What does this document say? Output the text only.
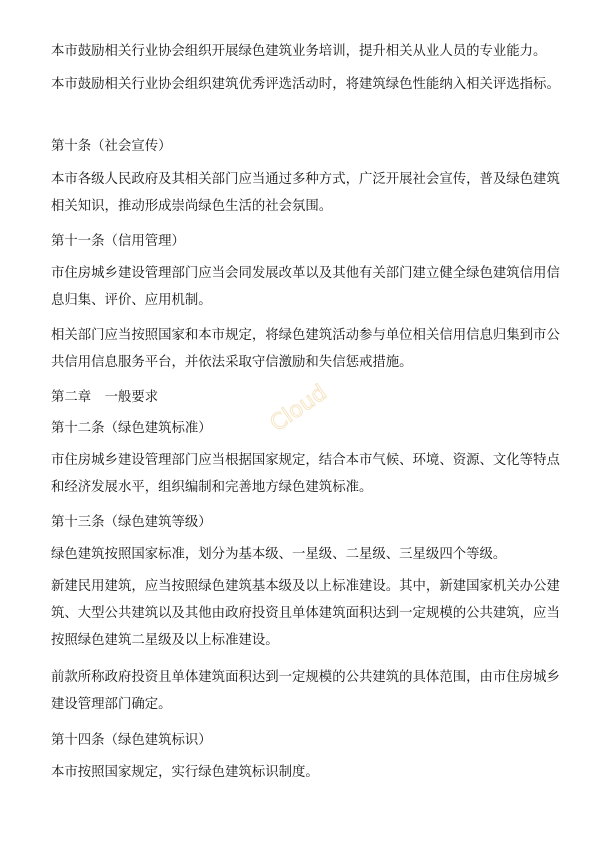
本市鼓励相关行业协会组织开展绿色建筑业务培训，提升相关从业人员的专业能力。

本市鼓励相关行业协会组织建筑优秀评选活动时，将建筑绿色性能纳入相关评选指标。

第十条（社会宣传）

本市各级人民政府及其相关部门应当通过多种方式，广泛开展社会宣传，普及绿色建筑相关知识，推动形成崇尚绿色生活的社会氛围。

第十一条（信用管理）

市住房城乡建设管理部门应当会同发展改革以及其他有关部门建立健全绿色建筑信用信息归集、评价、应用机制。

相关部门应当按照国家和本市规定，将绿色建筑活动参与单位相关信用信息归集到市公共信用信息服务平台，并依法采取守信激励和失信惩戒措施。

第二章　一般要求

第十二条（绿色建筑标准）

市住房城乡建设管理部门应当根据国家规定，结合本市气候、环境、资源、文化等特点和经济发展水平，组织编制和完善地方绿色建筑标准。

第十三条（绿色建筑等级）

绿色建筑按照国家标准，划分为基本级、一星级、二星级、三星级四个等级。

新建民用建筑，应当按照绿色建筑基本级及以上标准建设。其中，新建国家机关办公建筑、大型公共建筑以及其他由政府投资且单体建筑面积达到一定规模的公共建筑，应当按照绿色建筑二星级及以上标准建设。

前款所称政府投资且单体建筑面积达到一定规模的公共建筑的具体范围，由市住房城乡建设管理部门确定。

第十四条（绿色建筑标识）

本市按照国家规定，实行绿色建筑标识制度。

Cloud
